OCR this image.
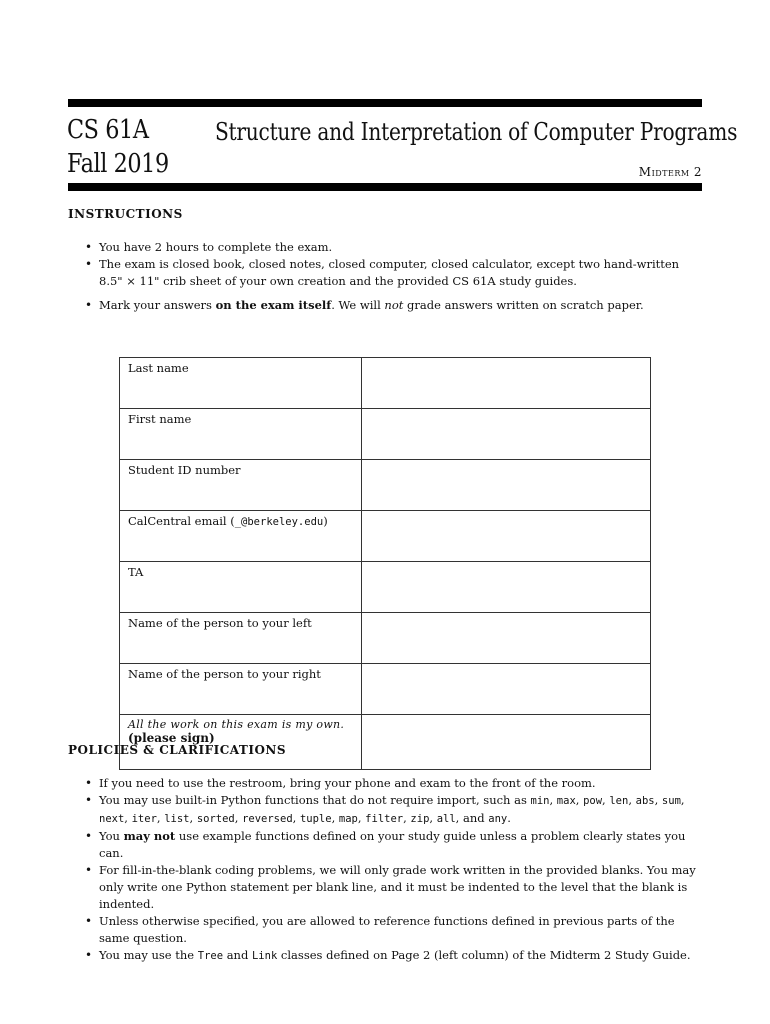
CS 61A
Fall 2019
Structure and Interpretation of Computer Programs
Midterm 2
INSTRUCTIONS
• You have 2 hours to complete the exam.
• The exam is closed book, closed notes, closed computer, closed calculator, except two hand-written 8.5" × 11" crib sheet of your own creation and the provided CS 61A study guides.
• Mark your answers on the exam itself. We will not grade answers written on scratch paper.
Last name	
First name	
Student ID number	
CalCentral email (_@berkeley.edu)	
TA	
Name of the person to your left	
Name of the person to your right	

All the work on this exam is my own.
(please sign)	

POLICIES & CLARIFICATIONS
• If you need to use the restroom, bring your phone and exam to the front of the room.
• You may use built-in Python functions that do not require import, such as min, max, pow, len, abs, sum, next, iter, list, sorted, reversed, tuple, map, filter, zip, all, and any.
• You may not use example functions defined on your study guide unless a problem clearly states you can.
• For fill-in-the-blank coding problems, we will only grade work written in the provided blanks. You may only write one Python statement per blank line, and it must be indented to the level that the blank is indented.
• Unless otherwise specified, you are allowed to reference functions defined in previous parts of the same question.
• You may use the Tree and Link classes defined on Page 2 (left column) of the Midterm 2 Study Guide.
